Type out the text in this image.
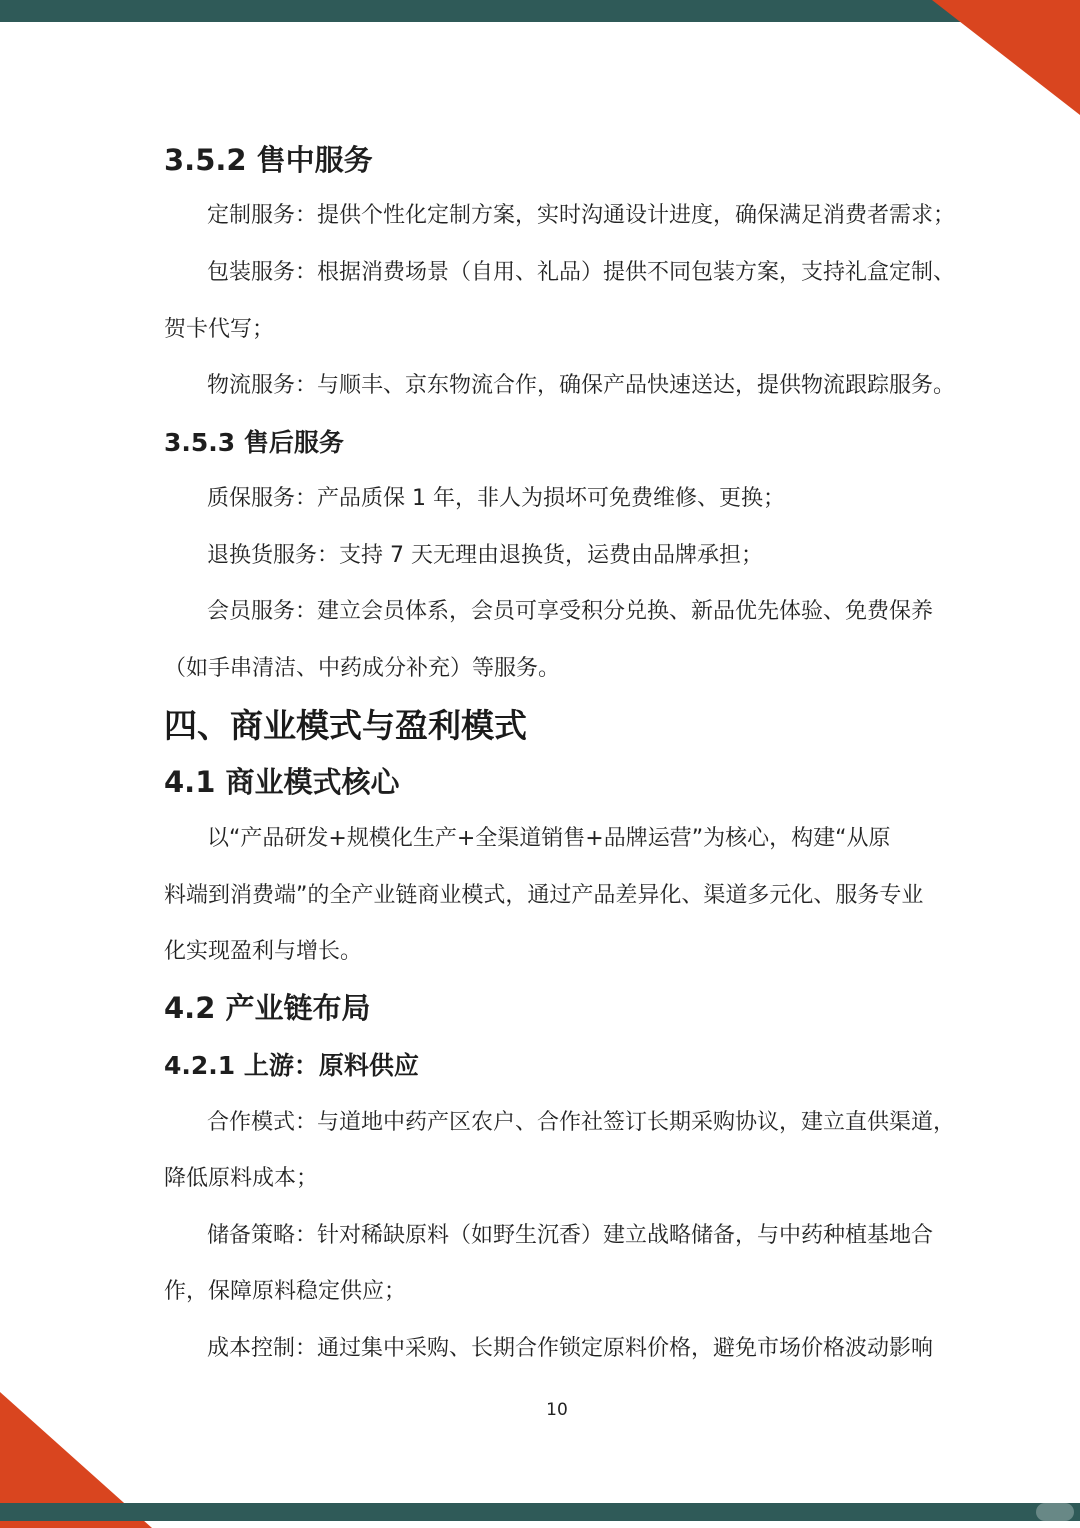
3.5.2 售中服务
定制服务：提供个性化定制方案，实时沟通设计进度，确保满足消费者需求；
包装服务：根据消费场景（自用、礼品）提供不同包装方案，支持礼盒定制、
贺卡代写；
物流服务：与顺丰、京东物流合作，确保产品快速送达，提供物流跟踪服务。
3.5.3 售后服务
质保服务：产品质保 1 年，非人为损坏可免费维修、更换；
退换货服务：支持 7 天无理由退换货，运费由品牌承担；
会员服务：建立会员体系，会员可享受积分兑换、新品优先体验、免费保养
（如手串清洁、中药成分补充）等服务。
四、商业模式与盈利模式
4.1 商业模式核心
以“产品研发+规模化生产+全渠道销售+品牌运营”为核心，构建“从原
料端到消费端”的全产业链商业模式，通过产品差异化、渠道多元化、服务专业
化实现盈利与增长。
4.2 产业链布局
4.2.1 上游：原料供应
合作模式：与道地中药产区农户、合作社签订长期采购协议，建立直供渠道，
降低原料成本；
储备策略：针对稀缺原料（如野生沉香）建立战略储备，与中药种植基地合
作，保障原料稳定供应；
成本控制：通过集中采购、长期合作锁定原料价格，避免市场价格波动影响
10
